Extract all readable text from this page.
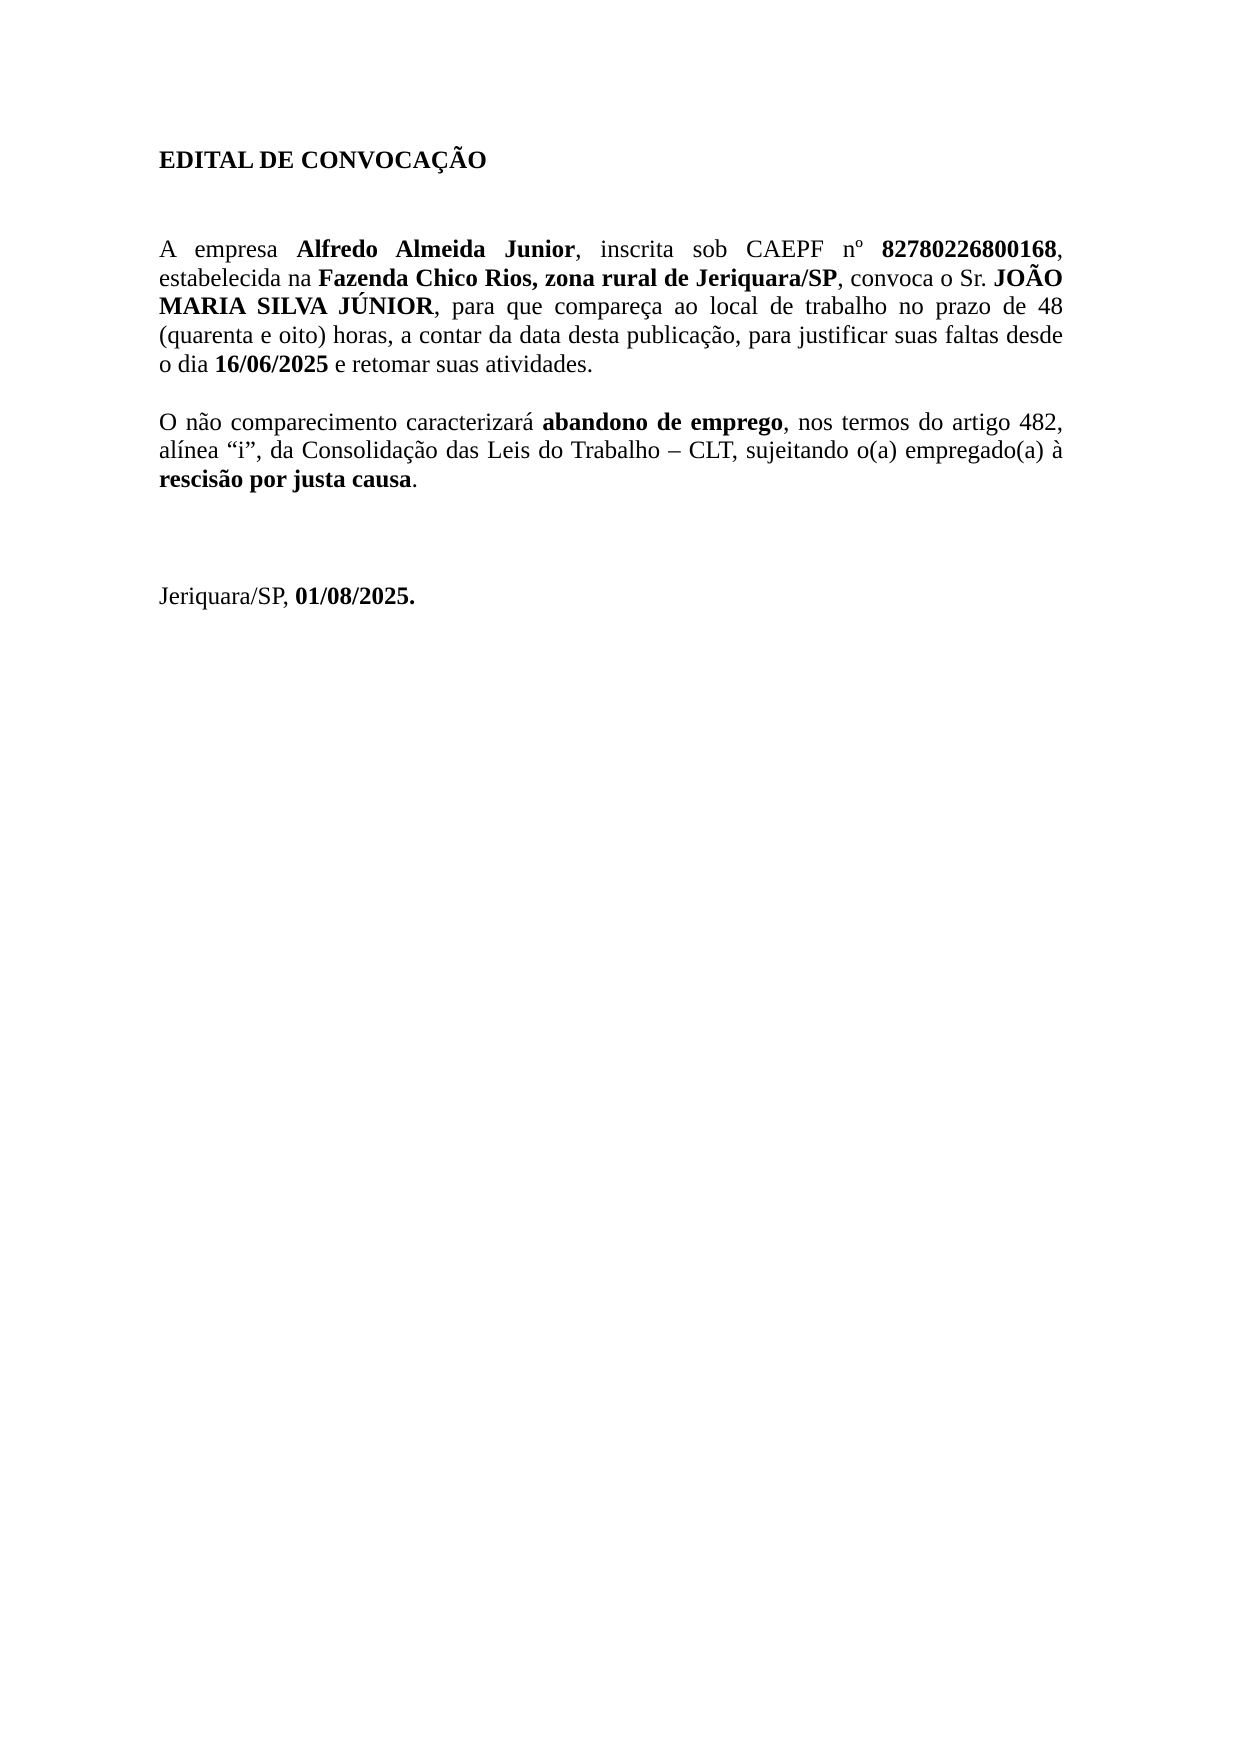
EDITAL DE CONVOCAÇÃO

A empresa Alfredo Almeida Junior, inscrita sob CAEPF nº 82780226800168, estabelecida na Fazenda Chico Rios, zona rural de Jeriquara/SP, convoca o Sr. JOÃO MARIA SILVA JÚNIOR, para que compareça ao local de trabalho no prazo de 48 (quarenta e oito) horas, a contar da data desta publicação, para justificar suas faltas desde o dia 16/06/2025 e retomar suas atividades.

O não comparecimento caracterizará abandono de emprego, nos termos do artigo 482, alínea “i”, da Consolidação das Leis do Trabalho – CLT, sujeitando o(a) empregado(a) à rescisão por justa causa.

Jeriquara/SP, 01/08/2025.
